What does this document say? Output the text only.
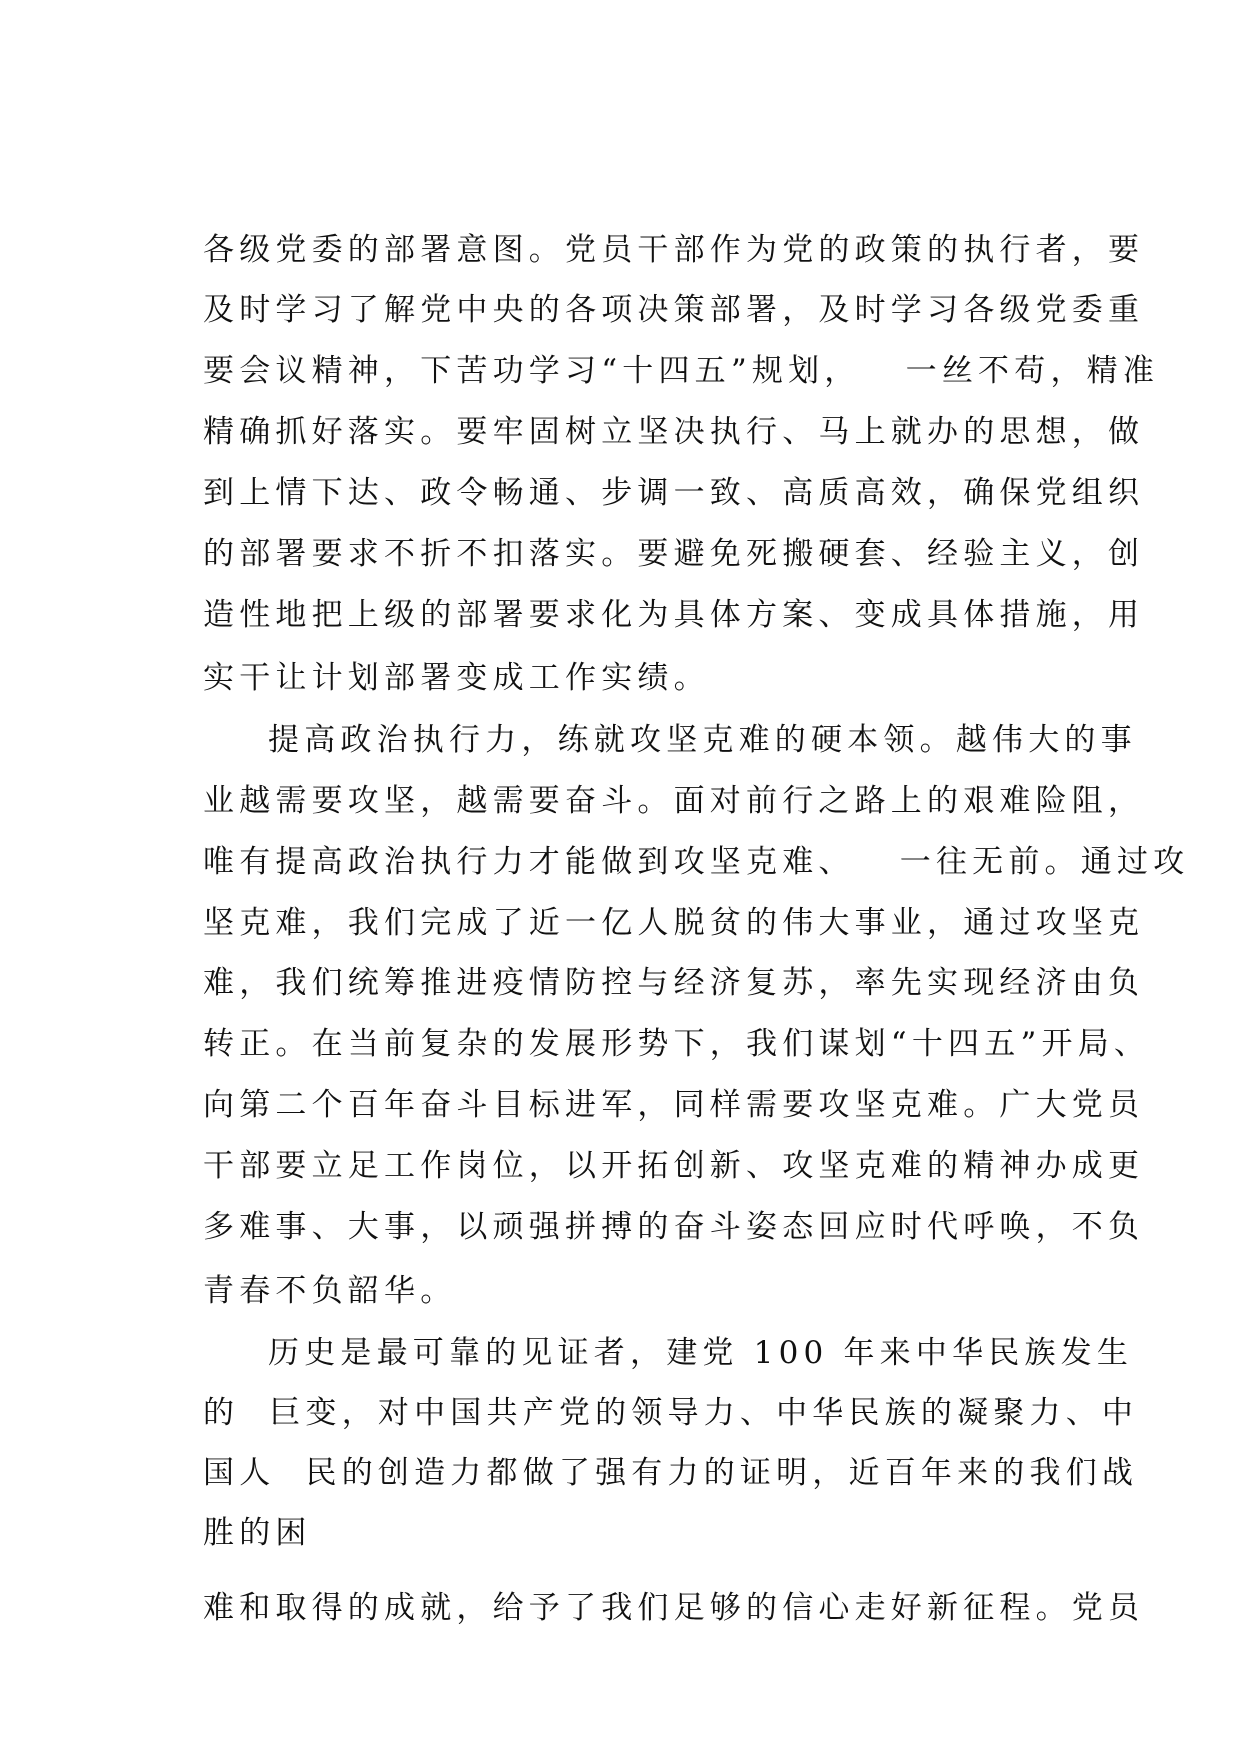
各级党委的部署意图。党员干部作为党的政策的执行者，要
及时学习了解党中央的各项决策部署，及时学习各级党委重
要会议精神，下苦功学习“十四五”规划，   一丝不苟，精准
精确抓好落实。要牢固树立坚决执行、马上就办的思想，做
到上情下达、政令畅通、步调一致、高质高效，确保党组织
的部署要求不折不扣落实。要避免死搬硬套、经验主义，创
造性地把上级的部署要求化为具体方案、变成具体措施，用
实干让计划部署变成工作实绩。
提高政治执行力，练就攻坚克难的硬本领。越伟大的事
业越需要攻坚，越需要奋斗。面对前行之路上的艰难险阻，
唯有提高政治执行力才能做到攻坚克难、   一往无前。通过攻
坚克难，我们完成了近一亿人脱贫的伟大事业，通过攻坚克
难，我们统筹推进疫情防控与经济复苏，率先实现经济由负
转正。在当前复杂的发展形势下，我们谋划“十四五”开局、
向第二个百年奋斗目标进军，同样需要攻坚克难。广大党员
干部要立足工作岗位，以开拓创新、攻坚克难的精神办成更
多难事、大事，以顽强拼搏的奋斗姿态回应时代呼唤，不负
青春不负韶华。
历史是最可靠的见证者，建党 100 年来中华民族发生
的  巨变，对中国共产党的领导力、中华民族的凝聚力、中
国人  民的创造力都做了强有力的证明，近百年来的我们战
胜的困
难和取得的成就，给予了我们足够的信心走好新征程。党员
